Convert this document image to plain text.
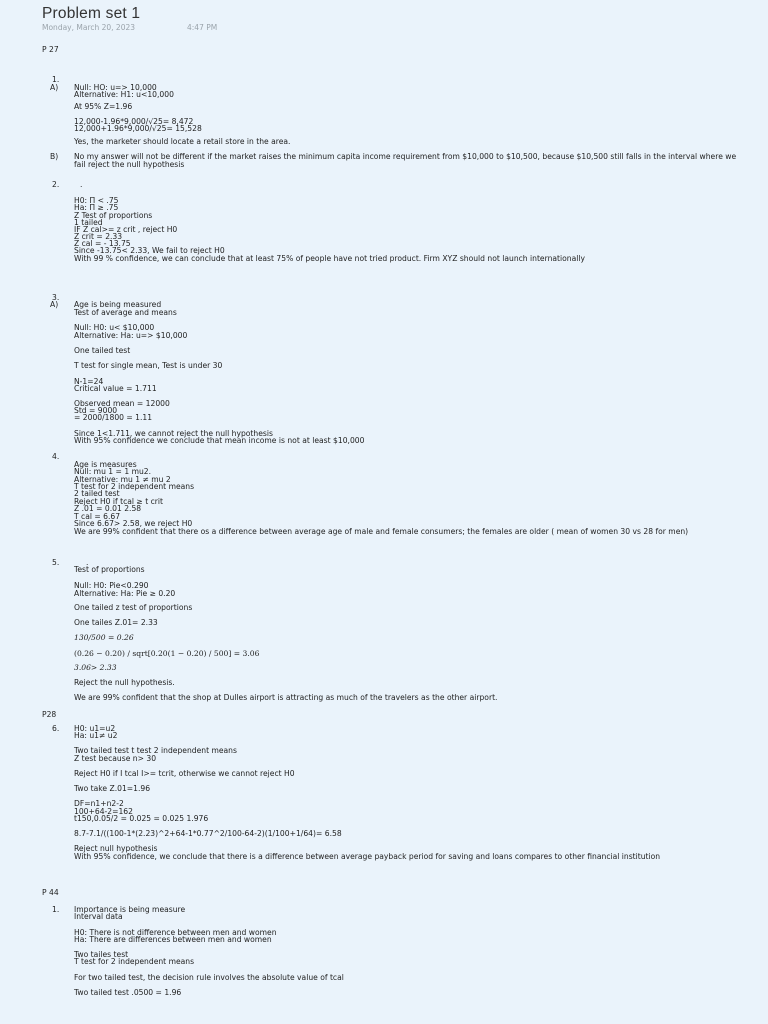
Problem set 1
Monday, March 20, 2023	4:47 PM
P 27
1.
A) Null: HO: u=> 10,000
Alternative: H1: u<10,000
At 95% Z=1.96
12,000-1.96*9,000/√25= 8,472
12,000+1.96*9,000/√25= 15,528
Yes, the marketer should locate a retail store in the area.
B) No my answer will not be different if the market raises the minimum capita income requirement from $10,000 to $10,500, because $10,500 still falls in the interval where we fail reject the null hypothesis
2.	.
H0: Π < .75
Ha: Π ≥ .75
Z Test of proportions
1 tailed
IF Z cal>= z crit , reject H0
Z crit = 2.33
Z cal = - 13.75
Since -13.75< 2.33, We fail to reject H0
With 99 % confidence, we can conclude that at least 75% of people have not tried product. Firm XYZ should not launch internationally
3.
A) Age is being measured
Test of average and means
Null: H0: u< $10,000
Alternative: Ha: u=> $10,000
One tailed test
T test for single mean, Test is under 30
N-1=24
Critical value = 1.711
Observed mean = 12000
Std = 9000
= 2000/1800 = 1.11
Since 1<1.711, we cannot reject the null hypothesis
With 95% confidence we conclude that mean income is not at least $10,000
4.
Age is measures
Null: mu 1 = 1 mu2.
Alternative: mu 1 ≠ mu 2
T test for 2 independent means
2 tailed test
Reject H0 if tcal ≥ t crit
Z .01 = 0.01 2.58
T cal = 6.67
Since 6.67> 2.58, we reject H0
We are 99% confident that there os a difference between average age of male and female consumers; the females are older ( mean of women 30 vs 28 for men)
5.	.
Test of proportions
Null: H0: Pie<0.290
Alternative: Ha: Pie ≥ 0.20
One tailed z test of proportions
One tailes Z.01= 2.33
130/500 = 0.26
(0.26 − 0.20) / sqrt[0.20(1 − 0.20) / 500] = 3.06
3.06> 2.33
Reject the null hypothesis.
We are 99% confident that the shop at Dulles airport is attracting as much of the travelers as the other airport.
P28
6. H0: u1=u2
Ha: u1≠ u2
Two tailed test t test 2 independent means
Z test because n> 30
Reject H0 if I tcal I>= tcrit, otherwise we cannot reject H0
Two take Z.01=1.96
DF=n1+n2-2
100+64-2=162
t150,0.05/2 = 0.025 = 0.025 1.976
8.7-7.1/((100-1*(2.23)^2+64-1*0.77^2/100-64-2)(1/100+1/64)= 6.58
Reject null hypothesis
With 95% confidence, we conclude that there is a difference between average payback period for saving and loans compares to other financial institution
P 44
1. Importance is being measure
Interval data
H0: There is not difference between men and women
Ha: There are differences between men and women
Two tailes test
T test for 2 independent means
For two tailed test, the decision rule involves the absolute value of tcal
Two tailed test .0500 = 1.96
